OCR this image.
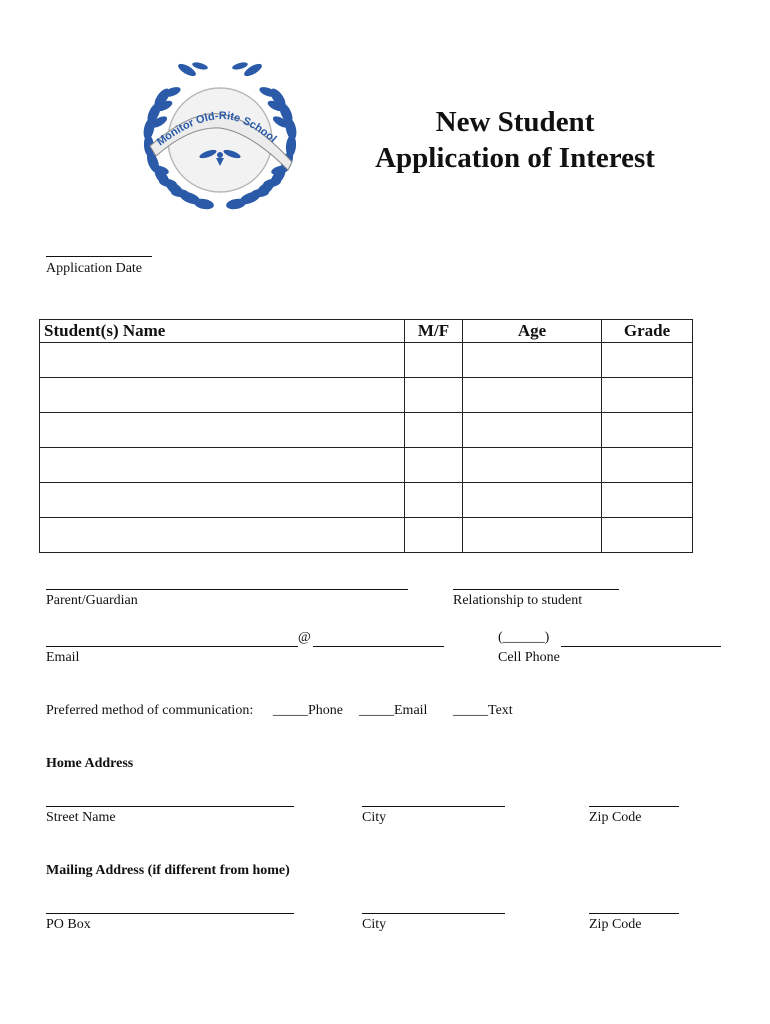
Monitor Old-Rite School
New Student
Application of Interest
Application Date
Student(s) Name	M/F	Age	Grade

Parent/Guardian	Relationship to student
@
Email
(______)
Cell Phone
Preferred method of communication: _____Phone _____Email _____Text
Home Address
Street Name	City	Zip Code
Mailing Address (if different from home)
PO Box	City	Zip Code
